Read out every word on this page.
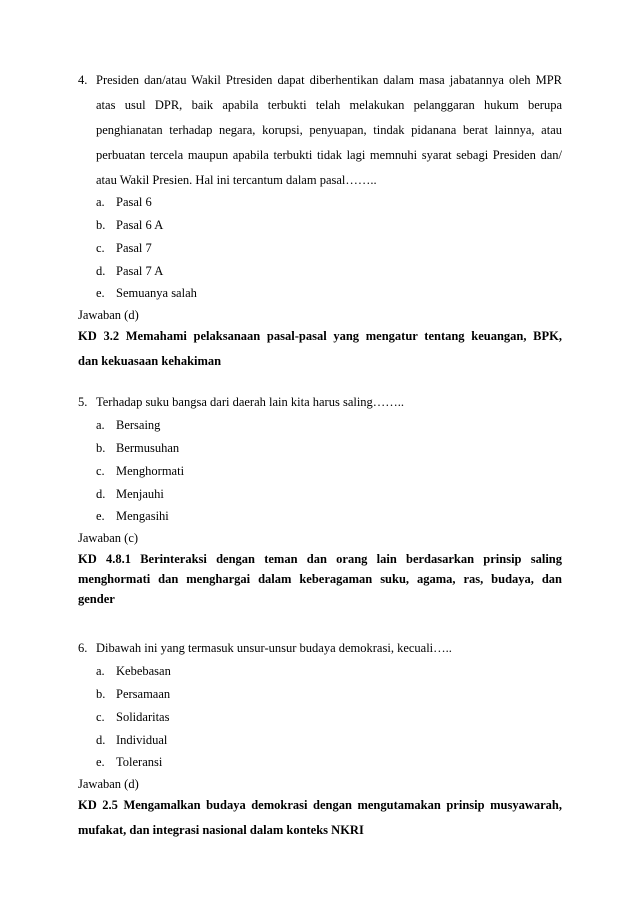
4. Presiden dan/atau Wakil Ptresiden dapat diberhentikan dalam masa jabatannya oleh MPR
atas usul DPR, baik apabila terbukti telah melakukan pelanggaran hukum berupa
penghianatan terhadap negara, korupsi, penyuapan, tindak pidanana berat lainnya, atau
perbuatan tercela maupun apabila terbukti tidak lagi memnuhi syarat sebagi Presiden dan/
atau Wakil Presien. Hal ini tercantum dalam pasal……..
a. Pasal 6
b. Pasal 6 A
c. Pasal 7
d. Pasal 7 A
e. Semuanya salah
Jawaban (d)
KD 3.2 Memahami pelaksanaan pasal-pasal yang mengatur tentang keuangan, BPK,
dan kekuasaan kehakiman
5. Terhadap suku bangsa dari daerah lain kita harus saling……..
a. Bersaing
b. Bermusuhan
c. Menghormati
d. Menjauhi
e. Mengasihi
Jawaban (c)
KD 4.8.1 Berinteraksi dengan teman dan orang lain berdasarkan prinsip saling
menghormati dan menghargai dalam keberagaman suku, agama, ras, budaya, dan
gender
6. Dibawah ini yang termasuk unsur-unsur budaya demokrasi, kecuali…..
a. Kebebasan
b. Persamaan
c. Solidaritas
d. Individual
e. Toleransi
Jawaban (d)
KD 2.5 Mengamalkan budaya demokrasi dengan mengutamakan prinsip musyawarah,
mufakat, dan integrasi nasional dalam konteks NKRI
